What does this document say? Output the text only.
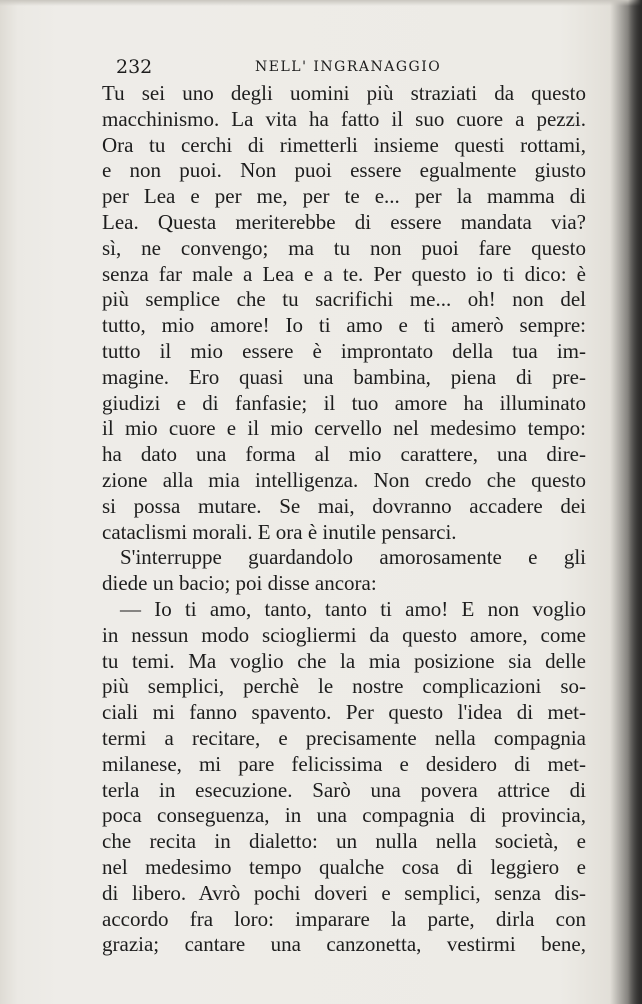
232	NELL' INGRANAGGIO
Tu sei uno degli uomini più straziati da questo
macchinismo. La vita ha fatto il suo cuore a pezzi.
Ora tu cerchi di rimetterli insieme questi rottami,
e non puoi. Non puoi essere egualmente giusto
per Lea e per me, per te e... per la mamma di
Lea. Questa meriterebbe di essere mandata via?
sì, ne convengo; ma tu non puoi fare questo
senza far male a Lea e a te. Per questo io ti dico: è
più semplice che tu sacrifichi me... oh! non del
tutto, mio amore! Io ti amo e ti amerò sempre:
tutto il mio essere è improntato della tua im-
magine. Ero quasi una bambina, piena di pre-
giudizi e di fanfasie; il tuo amore ha illuminato
il mio cuore e il mio cervello nel medesimo tempo:
ha dato una forma al mio carattere, una dire-
zione alla mia intelligenza. Non credo che questo
si possa mutare. Se mai, dovranno accadere dei
cataclismi morali. E ora è inutile pensarci.
S'interruppe guardandolo amorosamente e gli
diede un bacio; poi disse ancora:
— Io ti amo, tanto, tanto ti amo! E non voglio
in nessun modo sciogliermi da questo amore, come
tu temi. Ma voglio che la mia posizione sia delle
più semplici, perchè le nostre complicazioni so-
ciali mi fanno spavento. Per questo l'idea di met-
termi a recitare, e precisamente nella compagnia
milanese, mi pare felicissima e desidero di met-
terla in esecuzione. Sarò una povera attrice di
poca conseguenza, in una compagnia di provincia,
che recita in dialetto: un nulla nella società, e
nel medesimo tempo qualche cosa di leggiero e
di libero. Avrò pochi doveri e semplici, senza dis-
accordo fra loro: imparare la parte, dirla con
grazia; cantare una canzonetta, vestirmi bene,
